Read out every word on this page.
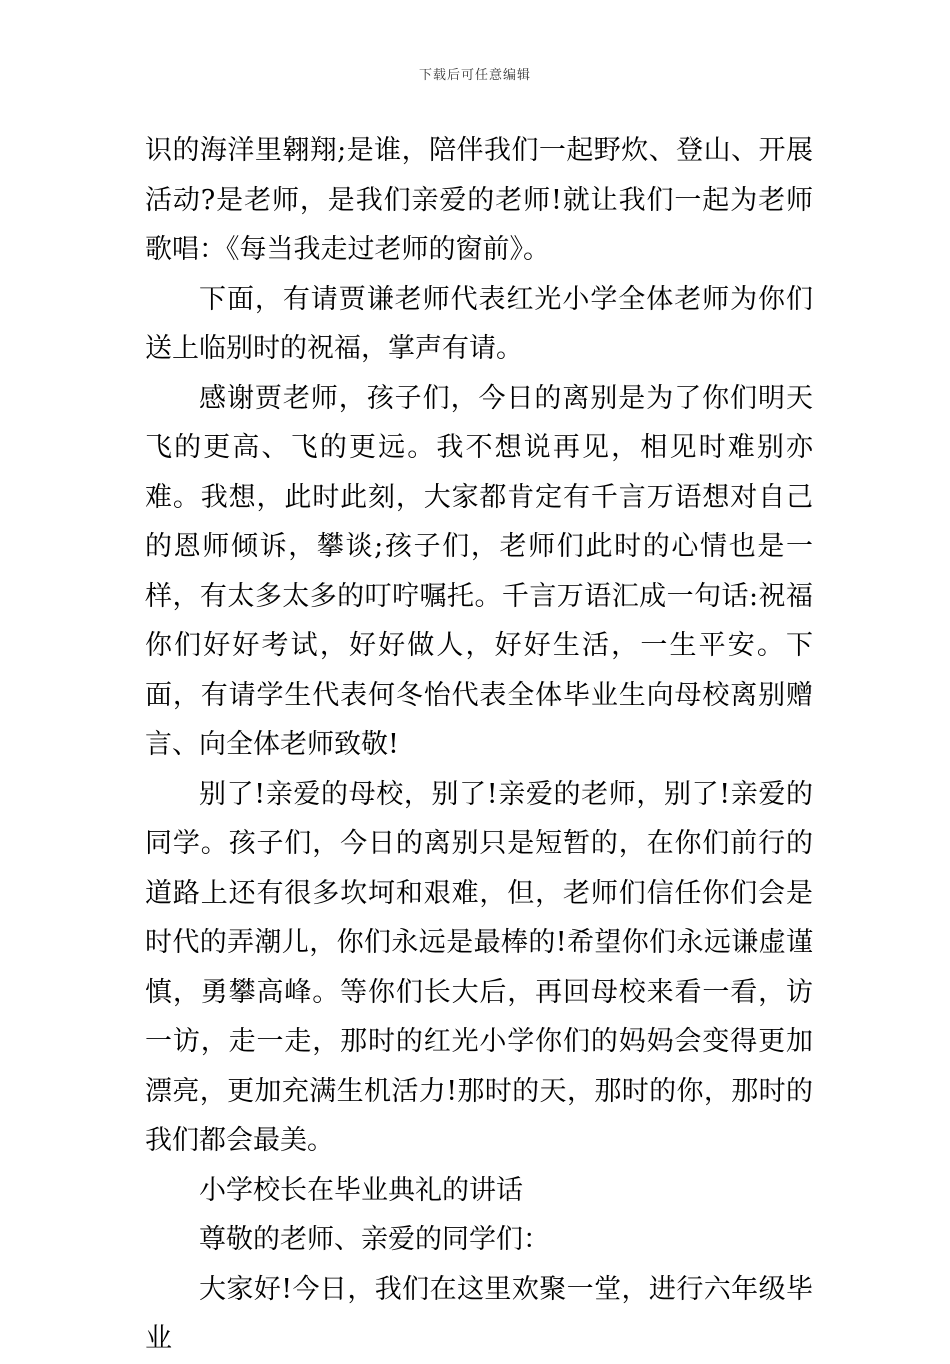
下载后可任意编辑

识的海洋里翱翔;是谁，陪伴我们一起野炊、登山、开展活动?是老师，是我们亲爱的老师!就让我们一起为老师歌唱：《每当我走过老师的窗前》。

下面，有请贾谦老师代表红光小学全体老师为你们送上临别时的祝福，掌声有请。

感谢贾老师，孩子们，今日的离别是为了你们明天飞的更高、飞的更远。我不想说再见，相见时难别亦难。我想，此时此刻，大家都肯定有千言万语想对自己的恩师倾诉，攀谈;孩子们，老师们此时的心情也是一样，有太多太多的叮咛嘱托。千言万语汇成一句话:祝福你们好好考试，好好做人，好好生活，一生平安。下面，有请学生代表何冬怡代表全体毕业生向母校离别赠言、向全体老师致敬!

别了!亲爱的母校，别了!亲爱的老师，别了!亲爱的同学。孩子们，今日的离别只是短暂的，在你们前行的道路上还有很多坎坷和艰难，但，老师们信任你们会是时代的弄潮儿，你们永远是最棒的!希望你们永远谦虚谨慎，勇攀高峰。等你们长大后，再回母校来看一看，访一访，走一走，那时的红光小学你们的妈妈会变得更加漂亮，更加充满生机活力!那时的天，那时的你，那时的我们都会最美。

小学校长在毕业典礼的讲话

尊敬的老师、亲爱的同学们：

大家好!今日，我们在这里欢聚一堂，进行六年级毕业
